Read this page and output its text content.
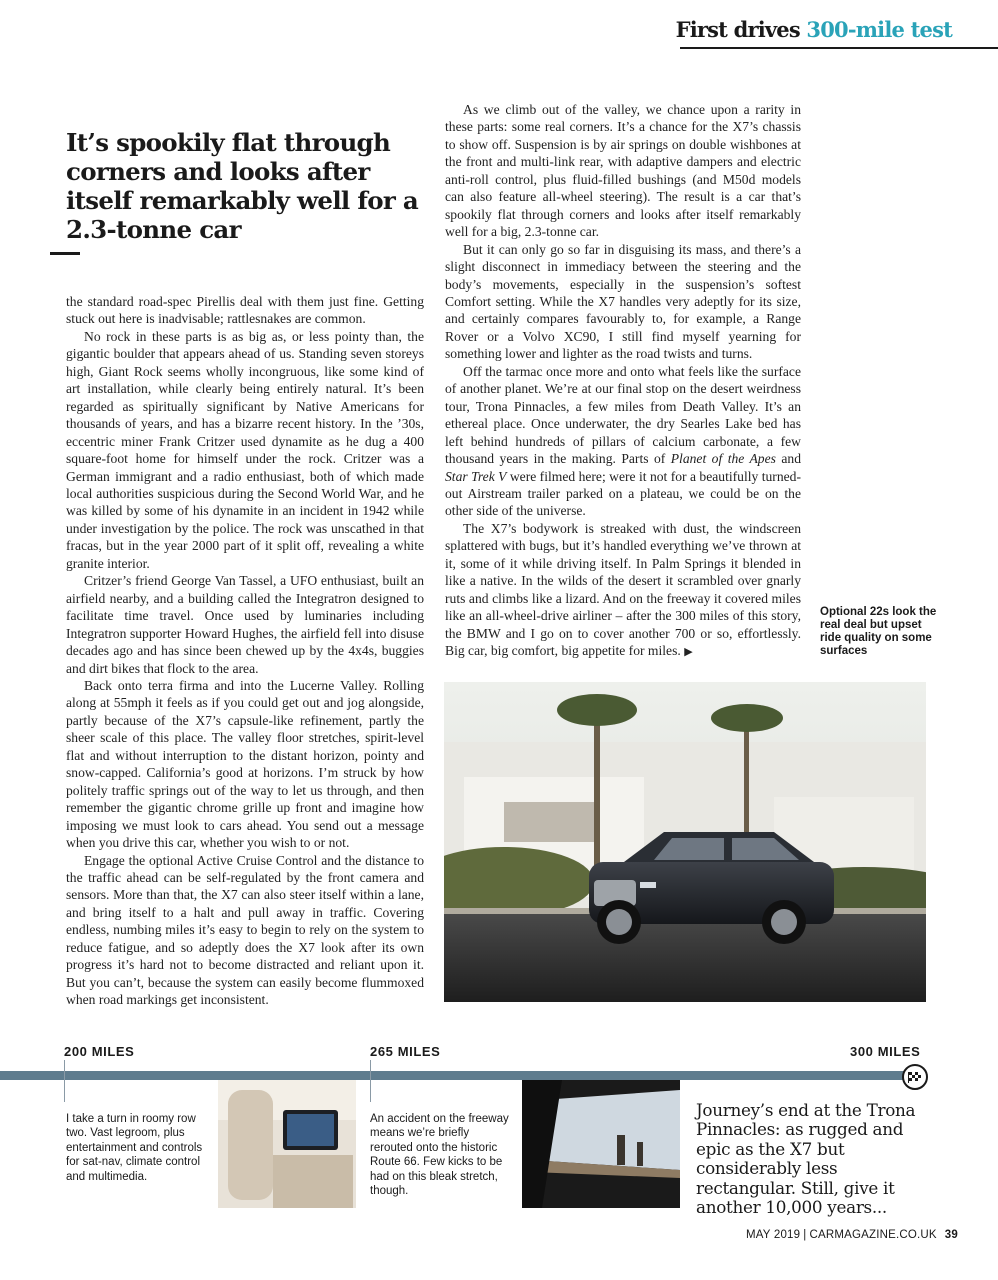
First drives 300-mile test
It’s spookily flat through corners and looks after itself remarkably well for a 2.3-tonne car

the standard road-spec Pirellis deal with them just fine. Getting stuck out here is inadvisable; rattlesnakes are common.

No rock in these parts is as big as, or less pointy than, the gigantic boulder that appears ahead of us. Standing seven storeys high, Giant Rock seems wholly incongruous, like some kind of art installation, while clearly being entirely natural. It’s been regarded as spiritually significant by Native Americans for thousands of years, and has a bizarre recent history. In the ’30s, eccentric miner Frank Critzer used dynamite as he dug a 400 square-foot home for himself under the rock. Critzer was a German immigrant and a radio enthusiast, both of which made local authorities suspicious during the Second World War, and he was killed by some of his dynamite in an incident in 1942 while under investigation by the police. The rock was unscathed in that fracas, but in the year 2000 part of it split off, revealing a white granite interior.

Critzer’s friend George Van Tassel, a UFO enthusiast, built an airfield nearby, and a building called the Integratron designed to facilitate time travel. Once used by luminaries including Integratron supporter Howard Hughes, the airfield fell into disuse decades ago and has since been chewed up by the 4x4s, buggies and dirt bikes that flock to the area.

Back onto terra firma and into the Lucerne Valley. Rolling along at 55mph it feels as if you could get out and jog alongside, partly because of the X7’s capsule-like refinement, partly the sheer scale of this place. The valley floor stretches, spirit-level flat and without interruption to the distant horizon, pointy and snow-capped. California’s good at horizons. I’m struck by how politely traffic springs out of the way to let us through, and then remember the gigantic chrome grille up front and imagine how imposing we must look to cars ahead. You send out a message when you drive this car, whether you wish to or not.

Engage the optional Active Cruise Control and the distance to the traffic ahead can be self-regulated by the front camera and sensors. More than that, the X7 can also steer itself within a lane, and bring itself to a halt and pull away in traffic. Covering endless, numbing miles it’s easy to begin to rely on the system to reduce fatigue, and so adeptly does the X7 look after its own progress it’s hard not to become distracted and reliant upon it. But you can’t, because the system can easily become flummoxed when road markings get inconsistent.

As we climb out of the valley, we chance upon a rarity in these parts: some real corners. It’s a chance for the X7’s chassis to show off. Suspension is by air springs on double wishbones at the front and multi-link rear, with adaptive dampers and electric anti-roll control, plus fluid-filled bushings (and M50d models can also feature all-wheel steering). The result is a car that’s spookily flat through corners and looks after itself remarkably well for a big, 2.3-tonne car.

But it can only go so far in disguising its mass, and there’s a slight disconnect in immediacy between the steering and the body’s movements, especially in the suspension’s softest Comfort setting. While the X7 handles very adeptly for its size, and certainly compares favourably to, for example, a Range Rover or a Volvo XC90, I still find myself yearning for something lower and lighter as the road twists and turns.

Off the tarmac once more and onto what feels like the surface of another planet. We’re at our final stop on the desert weirdness tour, Trona Pinnacles, a few miles from Death Valley. It’s an ethereal place. Once underwater, the dry Searles Lake bed has left behind hundreds of pillars of calcium carbonate, a few thousand years in the making. Parts of Planet of the Apes and Star Trek V were filmed here; were it not for a beautifully turned-out Airstream trailer parked on a plateau, we could be on the other side of the universe.

The X7’s bodywork is streaked with dust, the windscreen splattered with bugs, but it’s handled everything we’ve thrown at it, some of it while driving itself. In Palm Springs it blended in like a native. In the wilds of the desert it scrambled over gnarly ruts and climbs like a lizard. And on the freeway it covered miles like an all-wheel-drive airliner – after the 300 miles of this story, the BMW and I go on to cover another 700 or so, effortlessly. Big car, big comfort, big appetite for miles. ▶

Optional 22s look the real deal but upset ride quality on some surfaces

200 MILES	265 MILES	300 MILES

I take a turn in roomy row two. Vast legroom, plus entertainment and controls for sat-nav, climate control and multimedia.

An accident on the freeway means we’re briefly rerouted onto the historic Route 66. Few kicks to be had on this bleak stretch, though.

Journey’s end at the Trona Pinnacles: as rugged and epic as the X7 but considerably less rectangular. Still, give it another 10,000 years...

MAY 2019 | CARMAGAZINE.CO.UK 39
